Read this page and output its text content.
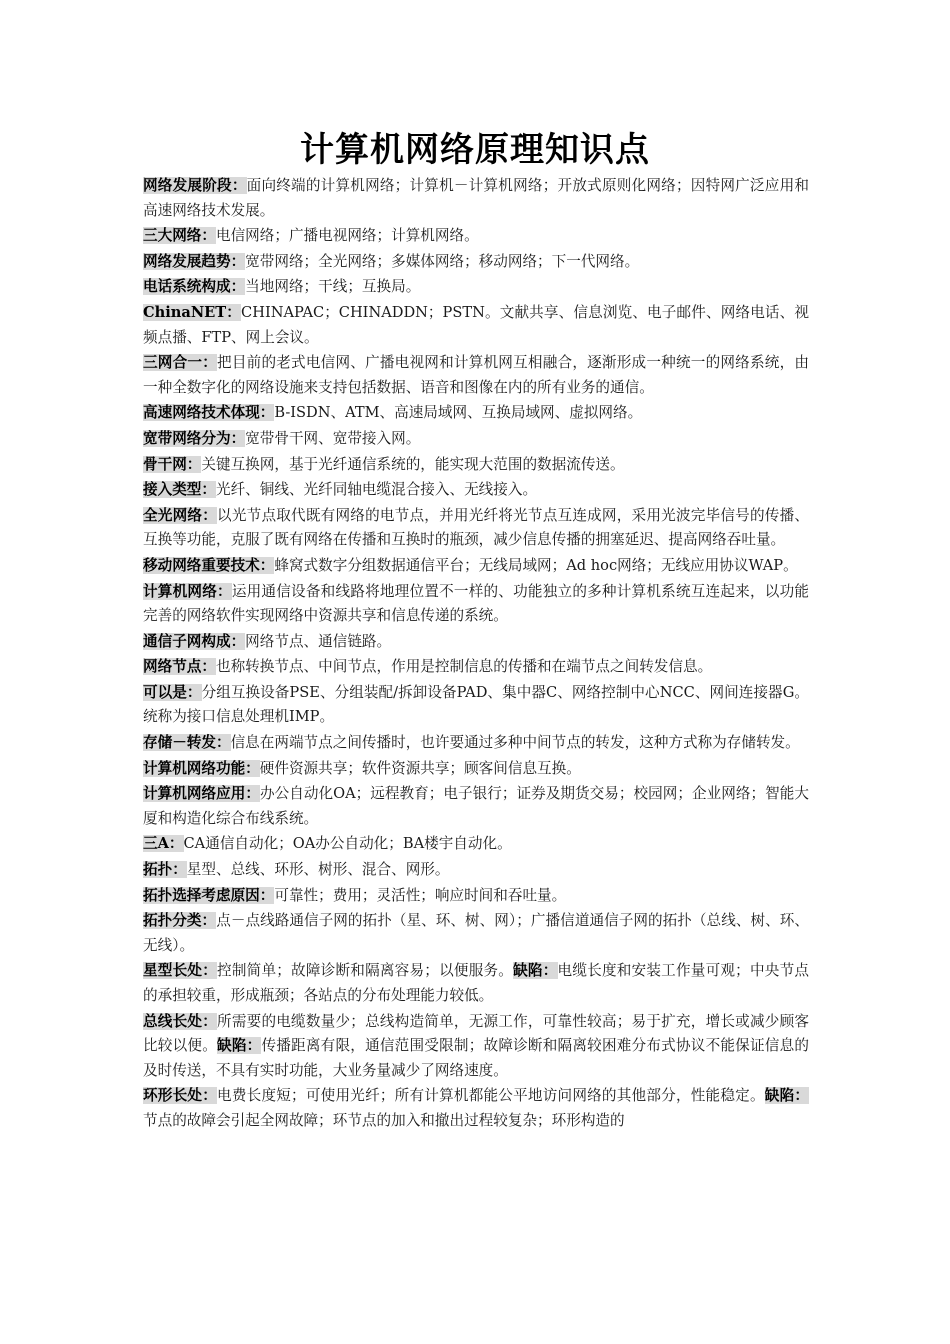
计算机网络原理知识点
网络发展阶段：面向终端的计算机网络；计算机－计算机网络；开放式原则化网络；因特网广泛应用和高速网络技术发展。
三大网络：电信网络；广播电视网络；计算机网络。
网络发展趋势：宽带网络；全光网络；多媒体网络；移动网络；下一代网络。
电话系统构成：当地网络；干线；互换局。
ChinaNET：CHINAPAC；CHINADDN；PSTN。文献共享、信息浏览、电子邮件、网络电话、视频点播、FTP、网上会议。
三网合一：把目前的老式电信网、广播电视网和计算机网互相融合，逐渐形成一种统一的网络系统，由一种全数字化的网络设施来支持包括数据、语音和图像在内的所有业务的通信。
高速网络技术体现：B-ISDN、ATM、高速局域网、互换局域网、虚拟网络。
宽带网络分为：宽带骨干网、宽带接入网。
骨干网：关键互换网，基于光纤通信系统的，能实现大范围的数据流传送。
接入类型：光纤、铜线、光纤同轴电缆混合接入、无线接入。
全光网络：以光节点取代既有网络的电节点，并用光纤将光节点互连成网，采用光波完毕信号的传播、互换等功能，克服了既有网络在传播和互换时的瓶颈，减少信息传播的拥塞延迟、提高网络吞吐量。
移动网络重要技术：蜂窝式数字分组数据通信平台；无线局域网；Ad hoc网络；无线应用协议WAP。
计算机网络：运用通信设备和线路将地理位置不一样的、功能独立的多种计算机系统互连起来，以功能完善的网络软件实现网络中资源共享和信息传递的系统。
通信子网构成：网络节点、通信链路。
网络节点：也称转换节点、中间节点，作用是控制信息的传播和在端节点之间转发信息。
可以是：分组互换设备PSE、分组装配/拆卸设备PAD、集中器C、网络控制中心NCC、网间连接器G。统称为接口信息处理机IMP。
存储－转发：信息在两端节点之间传播时，也许要通过多种中间节点的转发，这种方式称为存储转发。
计算机网络功能：硬件资源共享；软件资源共享；顾客间信息互换。
计算机网络应用：办公自动化OA；远程教育；电子银行；证券及期货交易；校园网；企业网络；智能大厦和构造化综合布线系统。
三A：CA通信自动化；OA办公自动化；BA楼宇自动化。
拓扑：星型、总线、环形、树形、混合、网形。
拓扑选择考虑原因：可靠性；费用；灵活性；响应时间和吞吐量。
拓扑分类：点－点线路通信子网的拓扑（星、环、树、网）；广播信道通信子网的拓扑（总线、树、环、无线）。
星型长处：控制简单；故障诊断和隔离容易；以便服务。缺陷：电缆长度和安装工作量可观；中央节点的承担较重，形成瓶颈；各站点的分布处理能力较低。
总线长处：所需要的电缆数量少；总线构造简单，无源工作，可靠性较高；易于扩充，增长或减少顾客比较以便。缺陷：传播距离有限，通信范围受限制；故障诊断和隔离较困难分布式协议不能保证信息的及时传送，不具有实时功能，大业务量减少了网络速度。
环形长处：电费长度短；可使用光纤；所有计算机都能公平地访问网络的其他部分，性能稳定。缺陷：节点的故障会引起全网故障；环节点的加入和撤出过程较复杂；环形构造的
